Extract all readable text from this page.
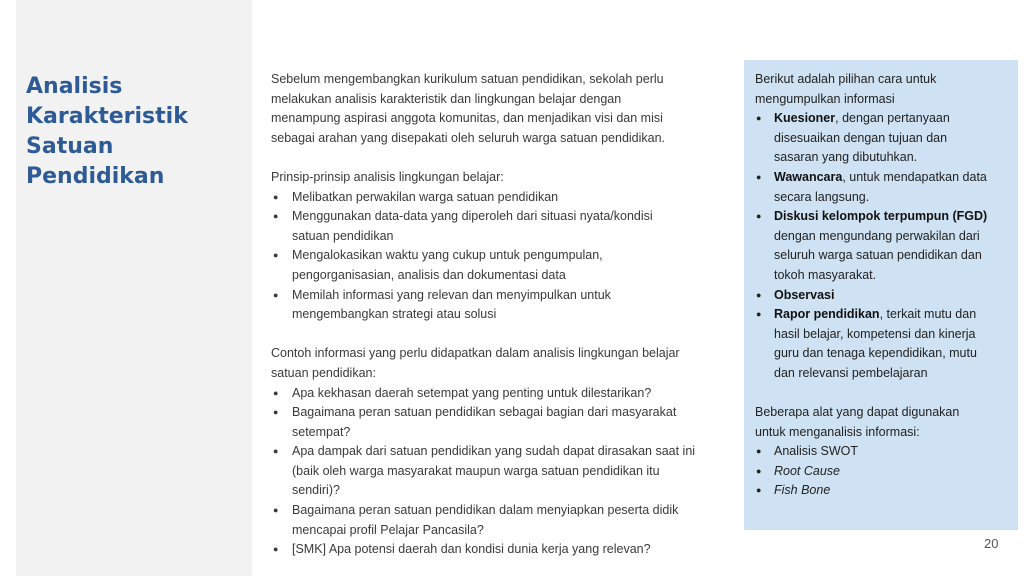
Analisis
Karakteristik
Satuan Pendidikan

Sebelum mengembangkan kurikulum satuan pendidikan, sekolah perlu
melakukan analisis karakteristik dan lingkungan belajar dengan
menampung aspirasi anggota komunitas, dan menjadikan visi dan misi
sebagai arahan yang disepakati oleh seluruh warga satuan pendidikan.

Prinsip-prinsip analisis lingkungan belajar:

● Melibatkan perwakilan warga satuan pendidikan
● Menggunakan data-data yang diperoleh dari situasi nyata/kondisi
satuan pendidikan
● Mengalokasikan waktu yang cukup untuk pengumpulan,
pengorganisasian, analisis dan dokumentasi data
● Memilah informasi yang relevan dan menyimpulkan untuk
mengembangkan strategi atau solusi

Contoh informasi yang perlu didapatkan dalam analisis lingkungan belajar
satuan pendidikan:

● Apa kekhasan daerah setempat yang penting untuk dilestarikan?
● Bagaimana peran satuan pendidikan sebagai bagian dari masyarakat
setempat?
● Apa dampak dari satuan pendidikan yang sudah dapat dirasakan saat ini
(baik oleh warga masyarakat maupun warga satuan pendidikan itu
sendiri)?
● Bagaimana peran satuan pendidikan dalam menyiapkan peserta didik
mencapai profil Pelajar Pancasila?
● [SMK] Apa potensi daerah dan kondisi dunia kerja yang relevan?

Berikut adalah pilihan cara untuk
mengumpulkan informasi

● Kuesioner, dengan pertanyaan
disesuaikan dengan tujuan dan
sasaran yang dibutuhkan.
● Wawancara, untuk mendapatkan data
secara langsung.
● Diskusi kelompok terpumpun (FGD)
dengan mengundang perwakilan dari
seluruh warga satuan pendidikan dan
tokoh masyarakat.
● Observasi
● Rapor pendidikan, terkait mutu dan
hasil belajar, kompetensi dan kinerja
guru dan tenaga kependidikan, mutu
dan relevansi pembelajaran

Beberapa alat yang dapat digunakan
untuk menganalisis informasi:

● Analisis SWOT
● Root Cause
● Fish Bone
20
